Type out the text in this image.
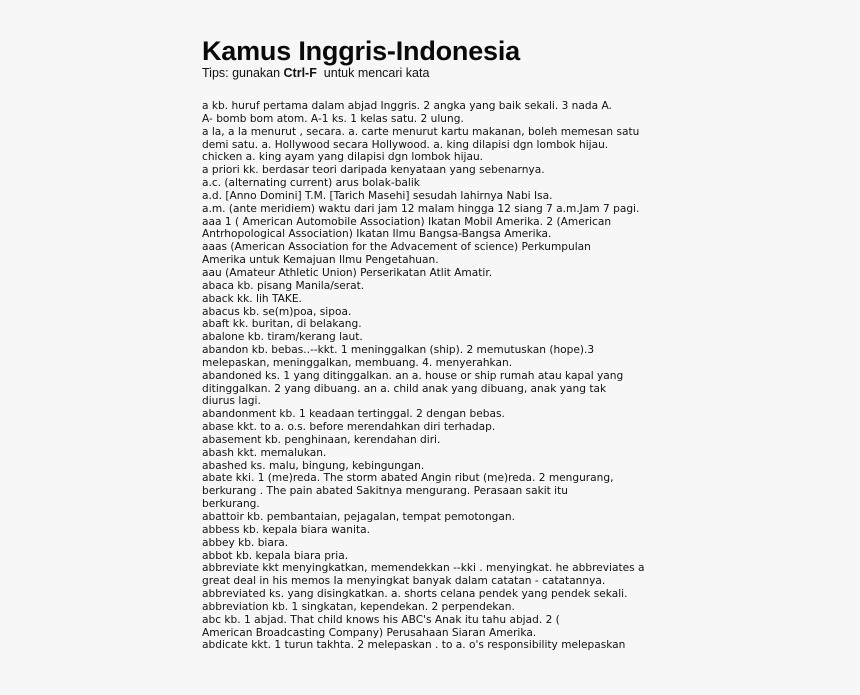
Kamus Inggris-Indonesia

Tips: gunakan Ctrl-F  untuk mencari kata

a kb. huruf pertama dalam abjad Inggris. 2 angka yang baik sekali. 3 nada A.
A- bomb bom atom. A-1 ks. 1 kelas satu. 2 ulung.
a la, a la menurut , secara. a. carte menurut kartu makanan, boleh memesan satu
demi satu. a. Hollywood secara Hollywood. a. king dilapisi dgn lombok hijau.
chicken a. king ayam yang dilapisi dgn lombok hijau.
a priori kk. berdasar teori daripada kenyataan yang sebenarnya.
a.c. (alternating current) arus bolak-balik
a.d. [Anno Domini] T.M. [Tarich Masehi] sesudah lahirnya Nabi Isa.
a.m. (ante meridiem) waktu dari jam 12 malam hingga 12 siang 7 a.m.Jam 7 pagi.
aaa 1 ( American Automobile Association) Ikatan Mobil Amerika. 2 (American
Antrhopological Association) Ikatan Ilmu Bangsa-Bangsa Amerika.
aaas (American Association for the Advacement of science) Perkumpulan
Amerika untuk Kemajuan Ilmu Pengetahuan.
aau (Amateur Athletic Union) Perserikatan Atlit Amatir.
abaca kb. pisang Manila/serat.
aback kk. lih TAKE.
abacus kb. se(m)poa, sipoa.
abaft kk. buritan, di belakang.
abalone kb. tiram/kerang laut.
abandon kb. bebas..--kkt. 1 meninggalkan (ship). 2 memutuskan (hope).3
melepaskan, meninggalkan, membuang. 4. menyerahkan.
abandoned ks. 1 yang ditinggalkan. an a. house or ship rumah atau kapal yang
ditinggalkan. 2 yang dibuang. an a. child anak yang dibuang, anak yang tak
diurus lagi.
abandonment kb. 1 keadaan tertinggal. 2 dengan bebas.
abase kkt. to a. o.s. before merendahkan diri terhadap.
abasement kb. penghinaan, kerendahan diri.
abash kkt. memalukan.
abashed ks. malu, bingung, kebingungan.
abate kki. 1 (me)reda. The storm abated Angin ribut (me)reda. 2 mengurang,
berkurang . The pain abated Sakitnya mengurang. Perasaan sakit itu
berkurang.
abattoir kb. pembantaian, pejagalan, tempat pemotongan.
abbess kb. kepala biara wanita.
abbey kb. biara.
abbot kb. kepala biara pria.
abbreviate kkt menyingkatkan, memendekkan --kki . menyingkat. he abbreviates a
great deal in his memos Ia menyingkat banyak dalam catatan - catatannya.
abbreviated ks. yang disingkatkan. a. shorts celana pendek yang pendek sekali.
abbreviation kb. 1 singkatan, kependekan. 2 perpendekan.
abc kb. 1 abjad. That child knows his ABC's Anak itu tahu abjad. 2 (
American Broadcasting Company) Perusahaan Siaran Amerika.
abdicate kkt. 1 turun takhta. 2 melepaskan . to a. o's responsibility melepaskan
